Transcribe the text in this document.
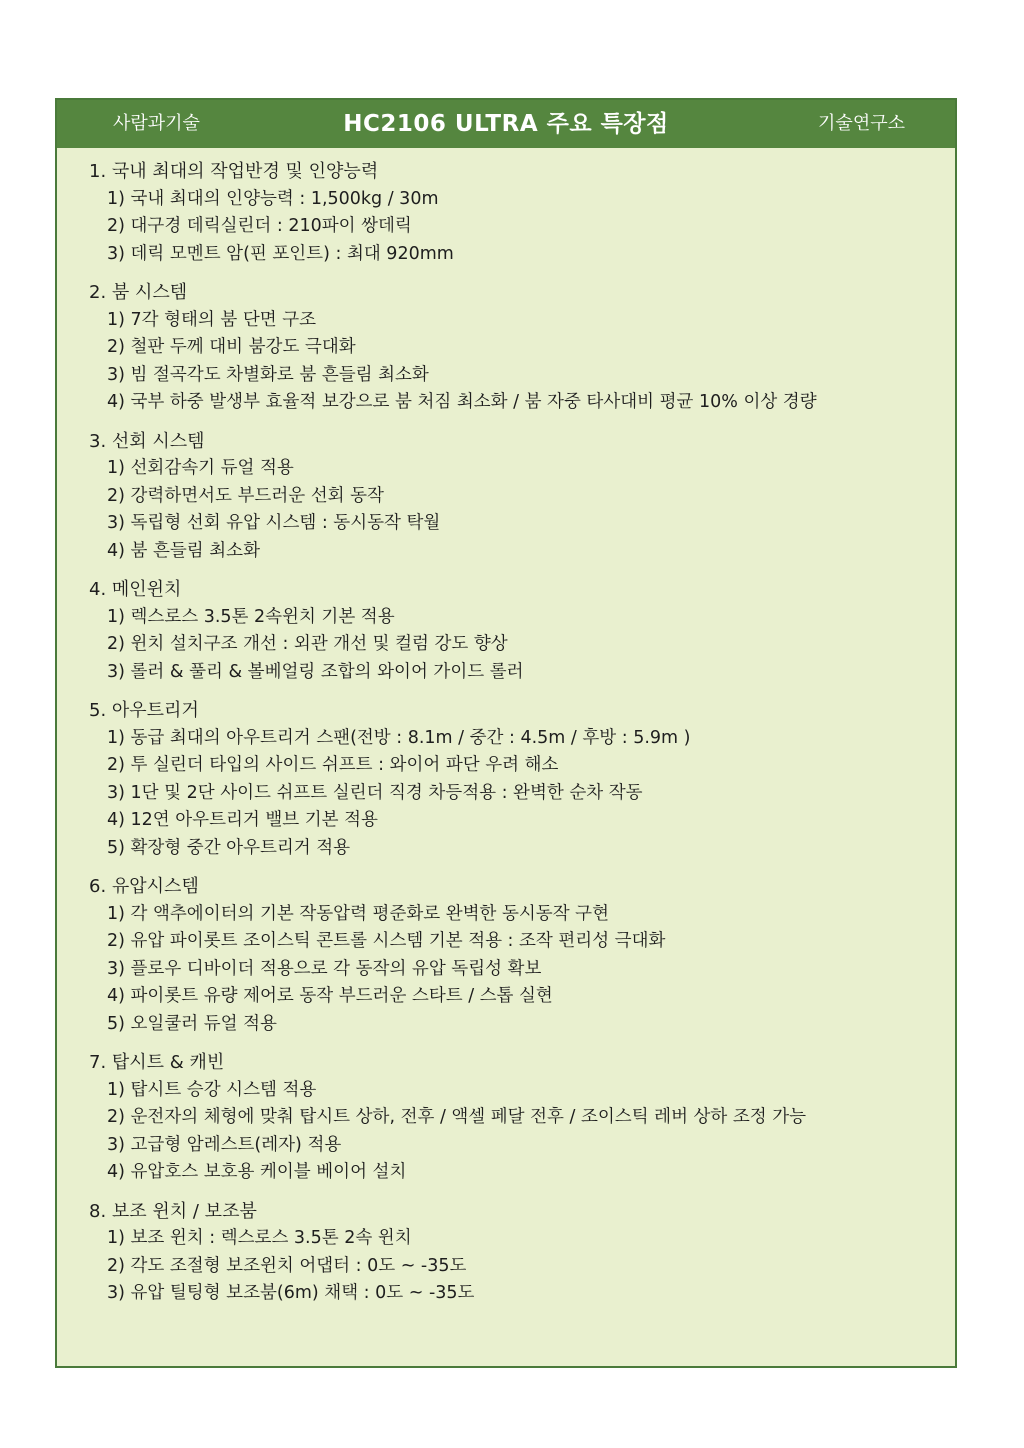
사람과기술	HC2106 ULTRA 주요 특장점	기술연구소
1. 국내 최대의 작업반경 및 인양능력
1) 국내 최대의 인양능력 : 1,500kg / 30m
2) 대구경 데릭실린더 : 210파이 쌍데릭
3) 데릭 모멘트 암(핀 포인트) : 최대 920mm
2. 붐 시스템
1) 7각 형태의 붐 단면 구조
2) 철판 두께 대비 붐강도 극대화
3) 빔 절곡각도 차별화로 붐 흔들림 최소화
4) 국부 하중 발생부 효율적 보강으로 붐 처짐 최소화 / 붐 자중 타사대비 평균 10% 이상 경량
3. 선회 시스템
1) 선회감속기 듀얼 적용
2) 강력하면서도 부드러운 선회 동작
3) 독립형 선회 유압 시스템 : 동시동작 탁월
4) 붐 흔들림 최소화
4. 메인윈치
1) 렉스로스 3.5톤 2속윈치 기본 적용
2) 윈치 설치구조 개선 : 외관 개선 및 컬럼 강도 향상
3) 롤러 & 풀리 & 볼베얼링 조합의 와이어 가이드 롤러
5. 아우트리거
1) 동급 최대의 아우트리거 스팬(전방 : 8.1m / 중간 : 4.5m / 후방 : 5.9m )
2) 투 실린더 타입의 사이드 쉬프트 : 와이어 파단 우려 해소
3) 1단 및 2단 사이드 쉬프트 실린더 직경 차등적용 : 완벽한 순차 작동
4) 12연 아우트리거 밸브 기본 적용
5) 확장형 중간 아우트리거 적용
6. 유압시스템
1) 각 액추에이터의 기본 작동압력 평준화로 완벽한 동시동작 구현
2) 유압 파이롯트 조이스틱 콘트롤 시스템 기본 적용 : 조작 편리성 극대화
3) 플로우 디바이더 적용으로 각 동작의 유압 독립성 확보
4) 파이롯트 유량 제어로 동작 부드러운 스타트 / 스톱 실현
5) 오일쿨러 듀얼 적용
7. 탑시트 & 캐빈
1) 탑시트 승강 시스템 적용
2) 운전자의 체형에 맞춰 탑시트 상하, 전후 / 액셀 페달 전후 / 조이스틱 레버 상하 조정 가능
3) 고급형 암레스트(레자) 적용
4) 유압호스 보호용 케이블 베이어 설치
8. 보조 윈치 / 보조붐
1) 보조 윈치 : 렉스로스 3.5톤 2속 윈치
2) 각도 조절형 보조윈치 어댑터 : 0도 ~ -35도
3) 유압 틸팅형 보조붐(6m) 채택 : 0도 ~ -35도
